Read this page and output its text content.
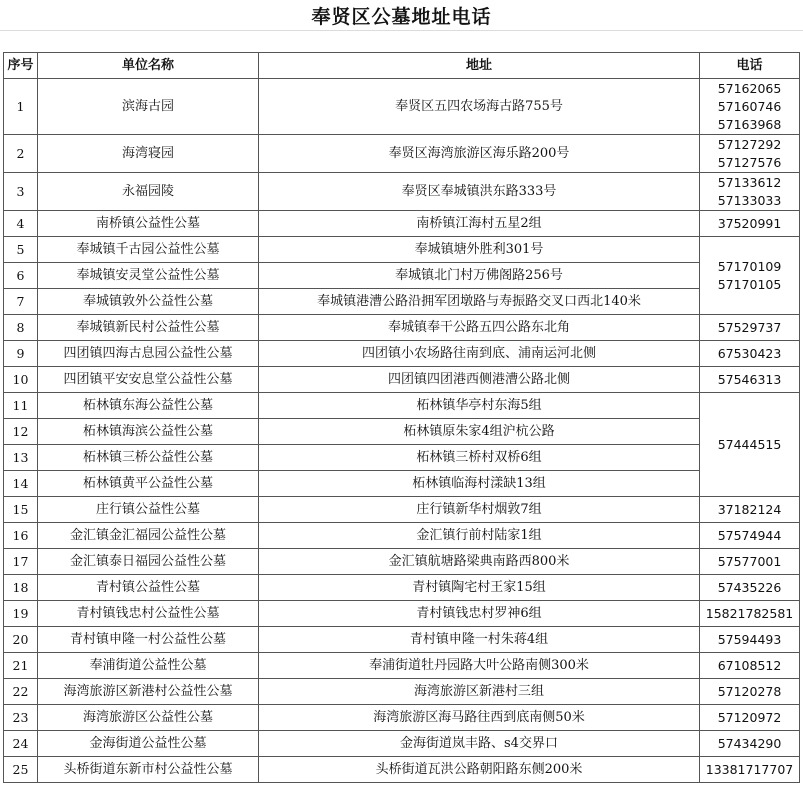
奉贤区公墓地址电话
序号	单位名称	地址	电话
1	滨海古园	奉贤区五四农场海古路755号	57162065
57160746
57163968

2	海湾寝园	奉贤区海湾旅游区海乐路200号	57127292
57127576

3	永福园陵	奉贤区奉城镇洪东路333号	57133612
57133033

4	南桥镇公益性公墓	南桥镇江海村五星2组	37520991
5	奉城镇千古园公益性公墓	奉城镇塘外胜利301号	57170109
57170105

6	奉城镇安灵堂公益性公墓	奉城镇北门村万佛阁路256号	
7	奉城镇敦外公益性公墓	奉城镇港漕公路沿拥军团墩路与寿振路交叉口西北140米	
8	奉城镇新民村公益性公墓	奉城镇奉干公路五四公路东北角	57529737
9	四团镇四海古息园公益性公墓	四团镇小农场路往南到底、浦南运河北侧	67530423
10	四团镇平安安息堂公益性公墓	四团镇四团港西侧港漕公路北侧	57546313
11	柘林镇东海公益性公墓	柘林镇华亭村东海5组	57444515
12	柘林镇海滨公益性公墓	柘林镇原朱家4组沪杭公路	
13	柘林镇三桥公益性公墓	柘林镇三桥村双桥6组	
14	柘林镇黄平公益性公墓	柘林镇临海村漾缺13组	
15	庄行镇公益性公墓	庄行镇新华村烟敦7组	37182124
16	金汇镇金汇福园公益性公墓	金汇镇行前村陆家1组	57574944
17	金汇镇泰日福园公益性公墓	金汇镇航塘路梁典南路西800米	57577001
18	青村镇公益性公墓	青村镇陶宅村王家15组	57435226
19	青村镇钱忠村公益性公墓	青村镇钱忠村罗神6组	15821782581
20	青村镇申隆一村公益性公墓	青村镇申隆一村朱蒋4组	57594493
21	奉浦街道公益性公墓	奉浦街道牡丹园路大叶公路南侧300米	67108512
22	海湾旅游区新港村公益性公墓	海湾旅游区新港村三组	57120278
23	海湾旅游区公益性公墓	海湾旅游区海马路往西到底南侧50米	57120972
24	金海街道公益性公墓	金海街道岚丰路、s4交界口	57434290
25	头桥街道东新市村公益性公墓	头桥街道瓦洪公路朝阳路东侧200米	13381717707
